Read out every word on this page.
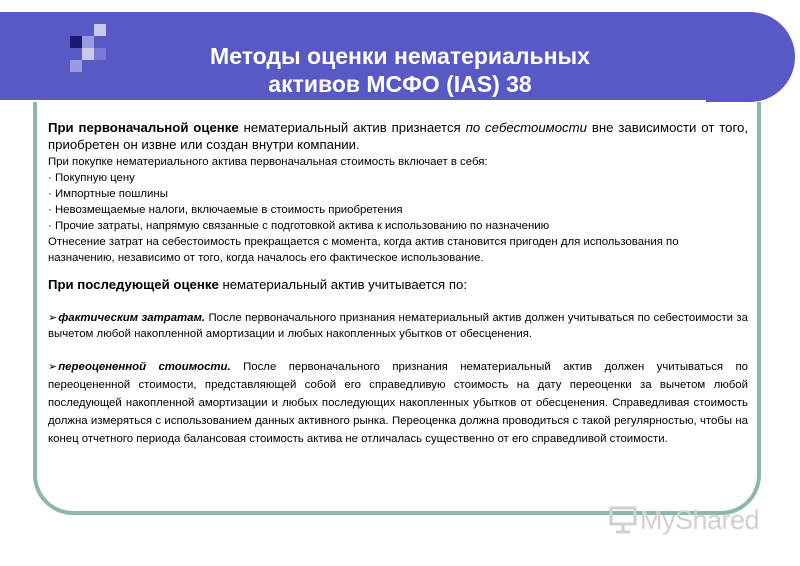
Методы оценки нематериальных
активов МСФО (IAS) 38
При первоначальной оценке нематериальный актив признается по себестоимости вне зависимости от того, приобретен он извне или создан внутри компании.
При покупке нематериального актива первоначальная стоимость включает в себя:
· Покупную цену
· Импортные пошлины
· Невозмещаемые налоги, включаемые в стоимость приобретения
· Прочие затраты, напрямую связанные с подготовкой актива к использованию по назначению
Отнесение затрат на себестоимость прекращается с момента, когда актив становится пригоден для использования по назначению, независимо от того, когда началось его фактическое использование.
При последующей оценке нематериальный актив учитывается по:
➢фактическим затратам. После первоначального признания нематериальный актив должен учитываться по себестоимости за вычетом любой накопленной амортизации и любых накопленных убытков от обесценения.
➢переоцененной стоимости. После первоначального признания нематериальный актив должен учитываться по переоцененной стоимости, представляющей собой его справедливую стоимость на дату переоценки за вычетом любой последующей накопленной амортизации и любых последующих накопленных убытков от обесценения. Справедливая стоимость должна измеряться с использованием данных активного рынка. Переоценка должна проводиться с такой регулярностью, чтобы на конец отчетного периода балансовая стоимость актива не отличалась существенно от его справедливой стоимости.
MyShared
